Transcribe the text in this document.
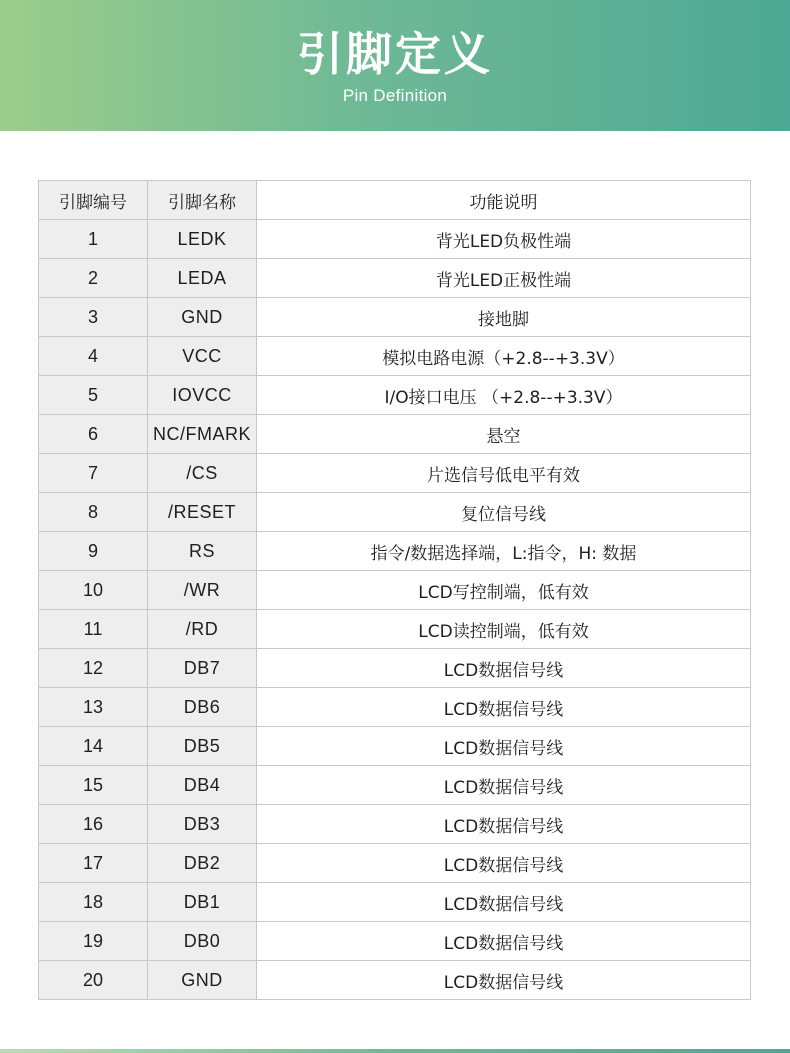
引脚定义
Pin Definition
引脚编号	引脚名称	功能说明
1	LEDK	背光LED负极性端
2	LEDA	背光LED正极性端
3	GND	接地脚
4	VCC	模拟电路电源（+2.8--+3.3V）
5	IOVCC	I/O接口电压 （+2.8--+3.3V）
6	NC/FMARK	悬空
7	/CS	片选信号低电平有效
8	/RESET	复位信号线
9	RS	指令/数据选择端，L:指令，H: 数据
10	/WR	LCD写控制端，低有效
11	/RD	LCD读控制端，低有效
12	DB7	LCD数据信号线
13	DB6	LCD数据信号线
14	DB5	LCD数据信号线
15	DB4	LCD数据信号线
16	DB3	LCD数据信号线
17	DB2	LCD数据信号线
18	DB1	LCD数据信号线
19	DB0	LCD数据信号线
20	GND	LCD数据信号线
